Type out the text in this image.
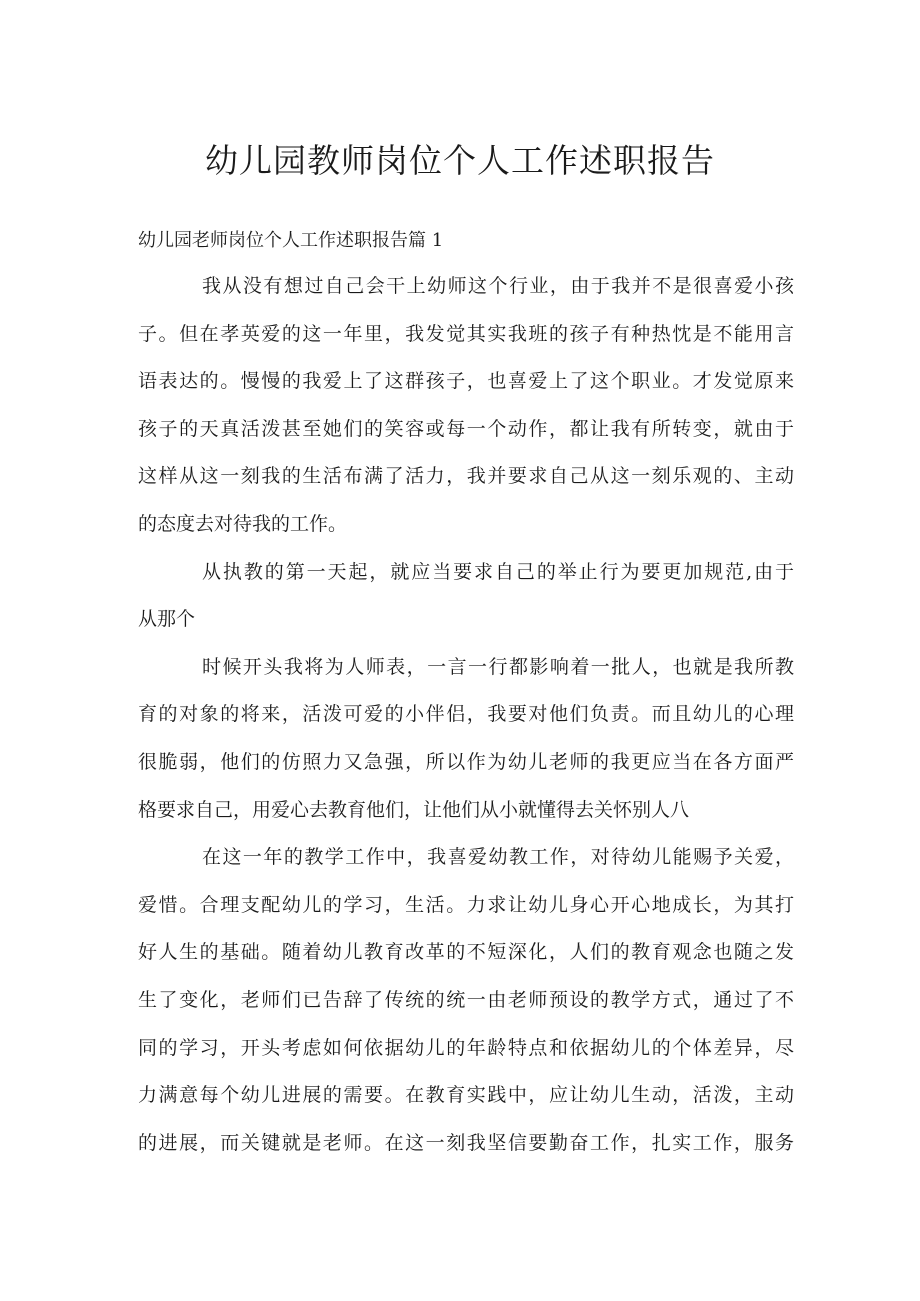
幼儿园教师岗位个人工作述职报告
幼儿园老师岗位个人工作述职报告篇 1
我从没有想过自己会干上幼师这个行业，由于我并不是很喜爱小孩
子。但在孝英爱的这一年里，我发觉其实我班的孩子有种热忱是不能用言
语表达的。慢慢的我爱上了这群孩子，也喜爱上了这个职业。才发觉原来
孩子的天真活泼甚至她们的笑容或每一个动作，都让我有所转变，就由于
这样从这一刻我的生活布满了活力，我并要求自己从这一刻乐观的、主动
的态度去对待我的工作。
从执教的第一天起，就应当要求自己的举止行为要更加规范,由于
从那个
时候开头我将为人师表，一言一行都影响着一批人，也就是我所教
育的对象的将来，活泼可爱的小伴侣，我要对他们负责。而且幼儿的心理
很脆弱，他们的仿照力又急强，所以作为幼儿老师的我更应当在各方面严
格要求自己，用爱心去教育他们，让他们从小就懂得去关怀别人八
在这一年的教学工作中，我喜爱幼教工作，对待幼儿能赐予关爱，
爱惜。合理支配幼儿的学习，生活。力求让幼儿身心开心地成长，为其打
好人生的基础。随着幼儿教育改革的不短深化，人们的教育观念也随之发
生了变化，老师们已告辞了传统的统一由老师预设的教学方式，通过了不
同的学习，开头考虑如何依据幼儿的年龄特点和依据幼儿的个体差异，尽
力满意每个幼儿进展的需要。在教育实践中，应让幼儿生动，活泼，主动
的进展，而关键就是老师。在这一刻我坚信要勤奋工作，扎实工作，服务
